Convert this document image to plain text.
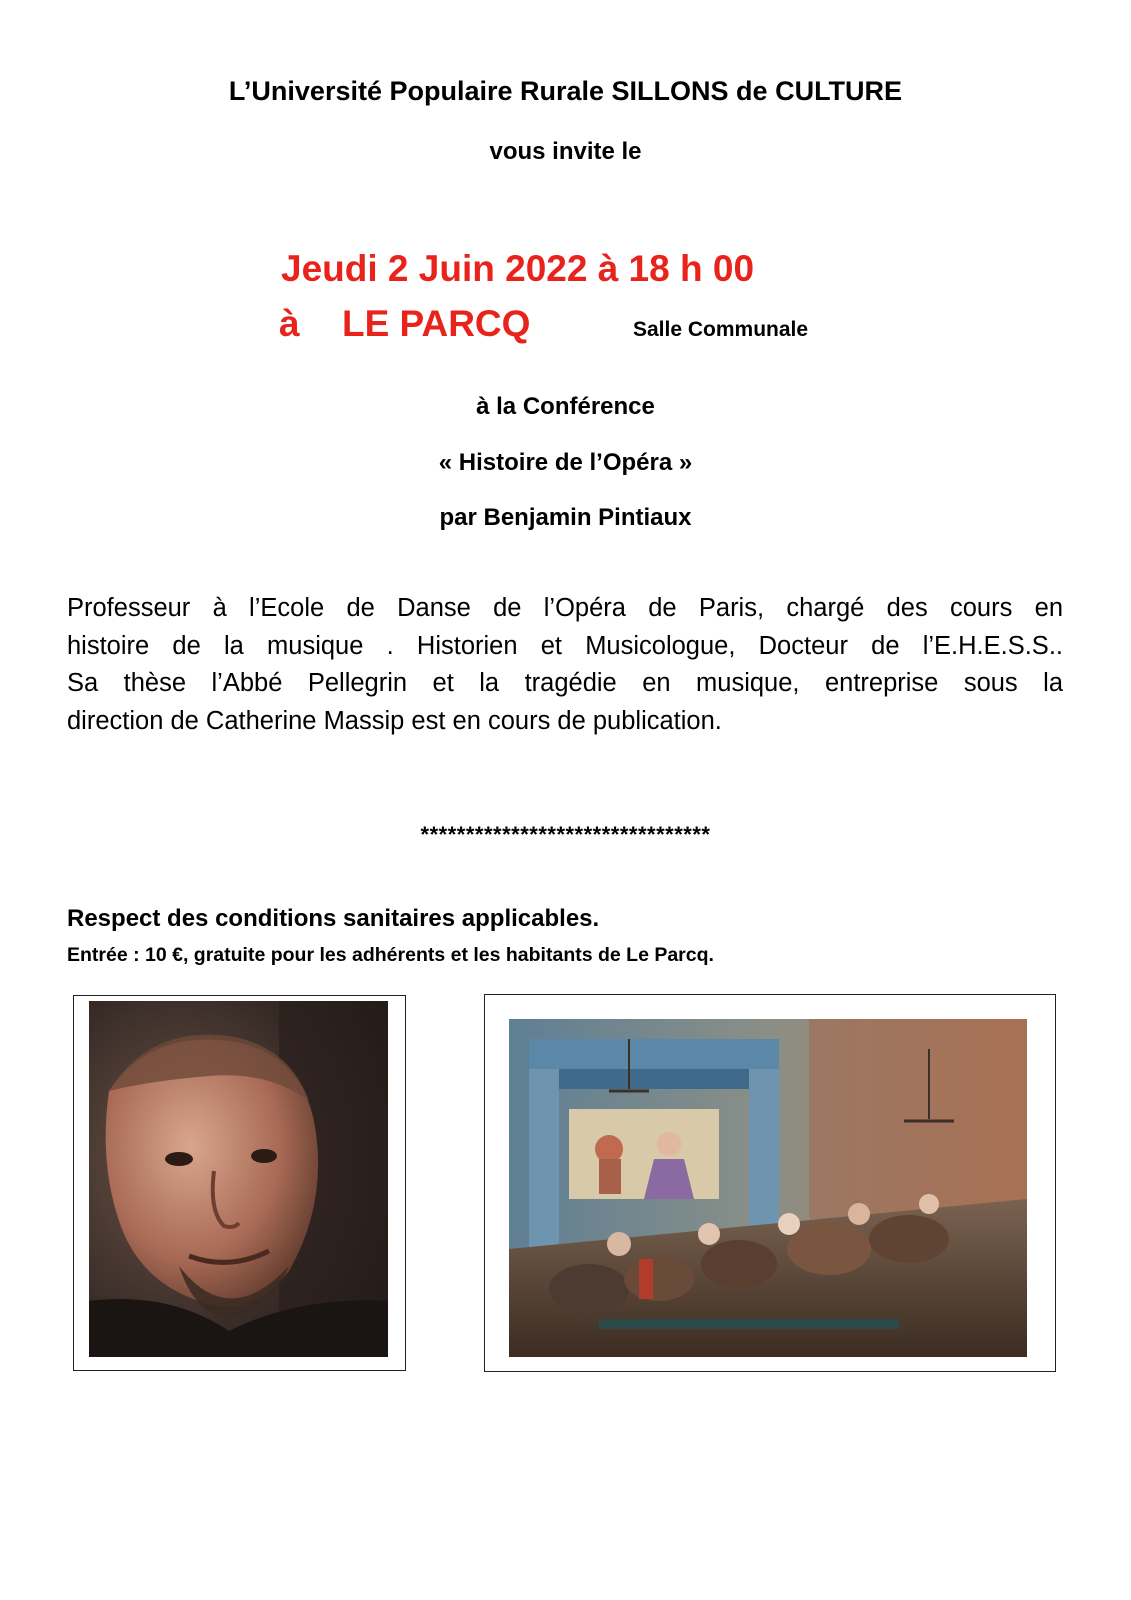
L’Université Populaire Rurale SILLONS de CULTURE
vous invite le
Jeudi 2 Juin 2022 à 18 h 00
à LE PARCQ	Salle Communale
à la Conférence
« Histoire de l’Opéra »
par Benjamin Pintiaux
Professeur à l’Ecole de Danse de l’Opéra de Paris, chargé des cours en
histoire de la musique . Historien et Musicologue, Docteur de l’E.H.E.S.S..
Sa thèse l’Abbé Pellegrin et la tragédie en musique, entreprise sous la
direction de Catherine Massip est en cours de publication.
********************************
Respect des conditions sanitaires applicables.
Entrée : 10 €, gratuite pour les adhérents et les habitants de Le Parcq.
